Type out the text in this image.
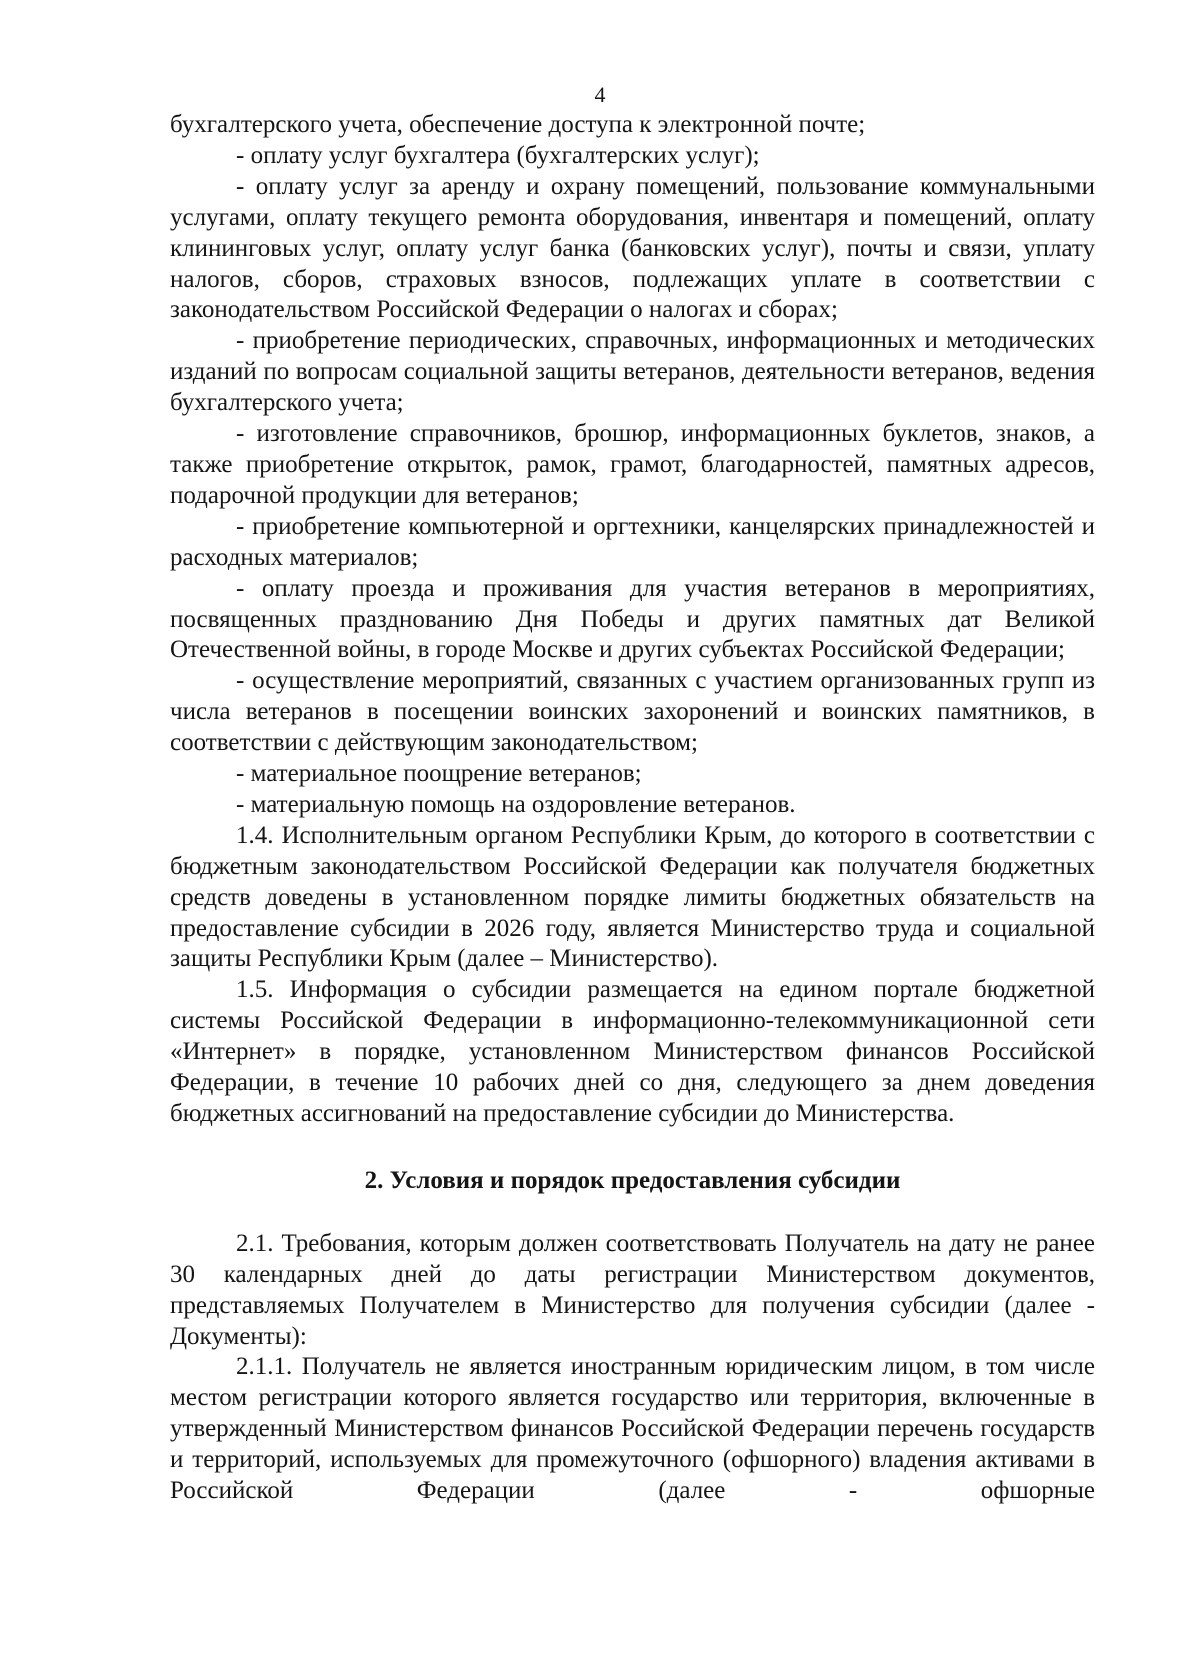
4

бухгалтерского учета, обеспечение доступа к электронной почте;

- оплату услуг бухгалтера (бухгалтерских услуг);

- оплату услуг за аренду и охрану помещений, пользование коммунальными услугами, оплату текущего ремонта оборудования, инвентаря и помещений, оплату клининговых услуг, оплату услуг банка (банковских услуг), почты и связи, уплату налогов, сборов, страховых взносов, подлежащих уплате в соответствии с законодательством Российской Федерации о налогах и сборах;

- приобретение периодических, справочных, информационных и методических изданий по вопросам социальной защиты ветеранов, деятельности ветеранов, ведения бухгалтерского учета;

- изготовление справочников, брошюр, информационных буклетов, знаков, а также приобретение открыток, рамок, грамот, благодарностей, памятных адресов, подарочной продукции для ветеранов;

- приобретение компьютерной и оргтехники, канцелярских принадлежностей и расходных материалов;

- оплату проезда и проживания для участия ветеранов в мероприятиях, посвященных празднованию Дня Победы и других памятных дат Великой Отечественной войны, в городе Москве и других субъектах Российской Федерации;

- осуществление мероприятий, связанных с участием организованных групп из числа ветеранов в посещении воинских захоронений и воинских памятников, в соответствии с действующим законодательством;

- материальное поощрение ветеранов;

- материальную помощь на оздоровление ветеранов.

1.4. Исполнительным органом Республики Крым, до которого в соответствии с бюджетным законодательством Российской Федерации как получателя бюджетных средств доведены в установленном порядке лимиты бюджетных обязательств на предоставление субсидии в 2026 году, является Министерство труда и социальной защиты Республики Крым (далее – Министерство).

1.5. Информация о субсидии размещается на едином портале бюджетной системы Российской Федерации в информационно-телекоммуникационной сети «Интернет» в порядке, установленном Министерством финансов Российской Федерации, в течение 10 рабочих дней со дня, следующего за днем доведения бюджетных ассигнований на предоставление субсидии до Министерства.

2. Условия и порядок предоставления субсидии

2.1. Требования, которым должен соответствовать Получатель на дату не ранее 30 календарных дней до даты регистрации Министерством документов, представляемых Получателем в Министерство для получения субсидии (далее - Документы):

2.1.1. Получатель не является иностранным юридическим лицом, в том числе местом регистрации которого является государство или территория, включенные в утвержденный Министерством финансов Российской Федерации перечень государств и территорий, используемых для промежуточного (офшорного) владения активами в Российской Федерации (далее - офшорные
